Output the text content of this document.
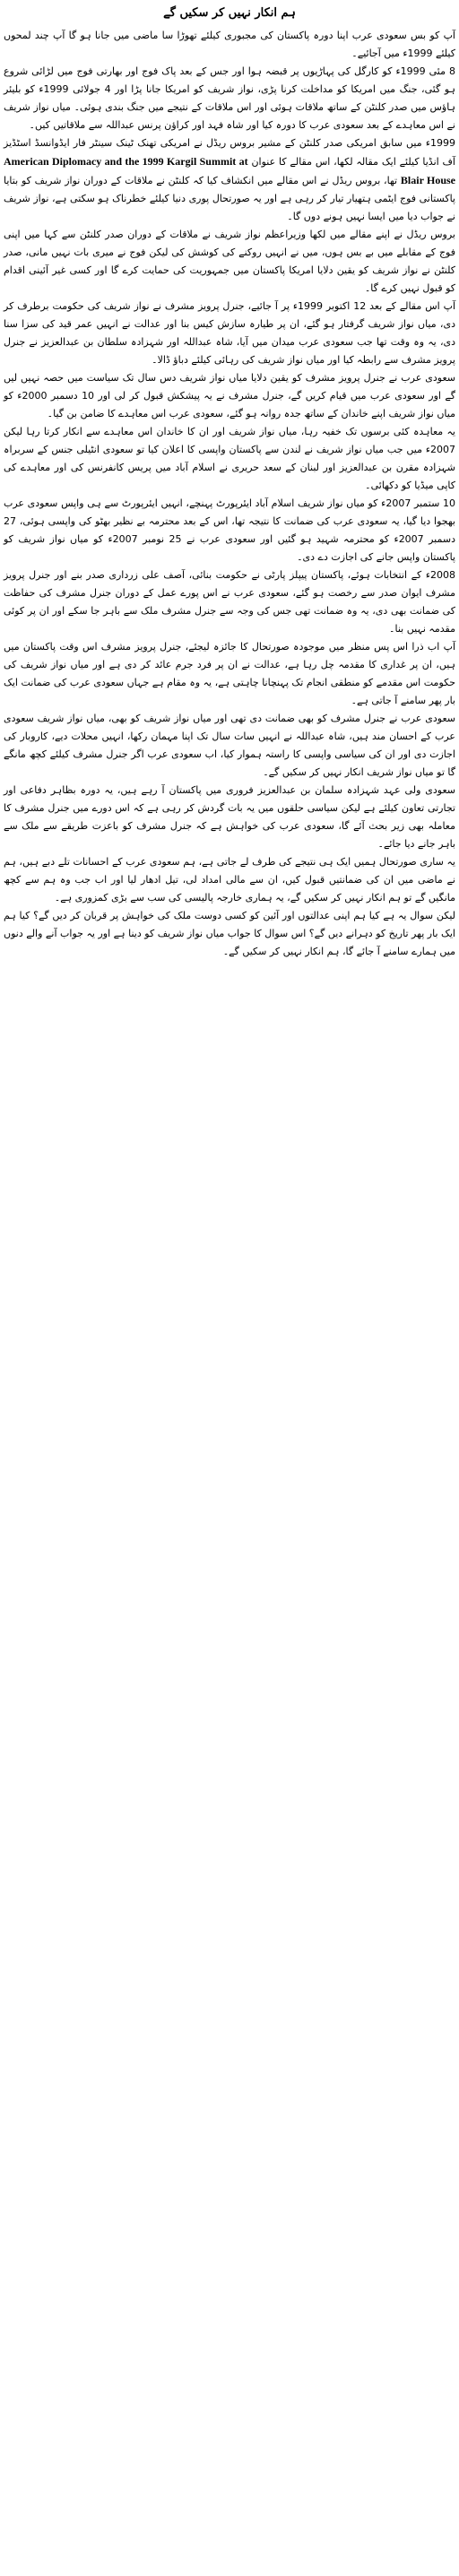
ہم انکار نہیں کر سکیں گے

آپ کو بس سعودی عرب اپنا دورہ پاکستان کی مجبوری کیلئے تھوڑا سا ماضی میں جانا ہو گا آپ چند لمحوں کیلئے 1999ء میں آجائیے۔

8 مئی 1999ء کو کارگل کی پہاڑیوں پر قبضہ ہوا اور جس کے بعد پاک فوج اور بھارتی فوج میں لڑائی شروع ہو گئی، جنگ میں امریکا کو مداخلت کرنا پڑی، نواز شریف کو امریکا جانا پڑا اور 4 جولائی 1999ء کو بلیئر ہاؤس میں صدر کلنٹن کے ساتھ ملاقات ہوئی اور اس ملاقات کے نتیجے میں جنگ بندی ہوئی۔ میاں نواز شریف نے اس معاہدے کے بعد سعودی عرب کا دورہ کیا اور شاہ فہد اور کراؤن پرنس عبداللہ سے ملاقاتیں کیں۔

1999ء میں سابق امریکی صدر کلنٹن کے مشیر بروس ریڈل نے امریکی تھنک ٹینک سینٹر فار ایڈوانسڈ اسٹڈیز آف انڈیا کیلئے ایک مقالہ لکھا، اس مقالے کا عنوان American Diplomacy and the 1999 Kargil Summit at Blair House تھا، بروس ریڈل نے اس مقالے میں انکشاف کیا کہ کلنٹن نے ملاقات کے دوران نواز شریف کو بتایا پاکستانی فوج ایٹمی ہتھیار تیار کر رہی ہے اور یہ صورتحال پوری دنیا کیلئے خطرناک ہو سکتی ہے، نواز شریف نے جواب دیا میں ایسا نہیں ہونے دوں گا۔

بروس ریڈل نے اپنے مقالے میں لکھا وزیراعظم نواز شریف نے ملاقات کے دوران صدر کلنٹن سے کہا میں اپنی فوج کے مقابلے میں بے بس ہوں، میں نے انہیں روکنے کی کوشش کی لیکن فوج نے میری بات نہیں مانی، صدر کلنٹن نے نواز شریف کو یقین دلایا امریکا پاکستان میں جمہوریت کی حمایت کرے گا اور کسی غیر آئینی اقدام کو قبول نہیں کرے گا۔

آپ اس مقالے کے بعد 12 اکتوبر 1999ء پر آ جائیے، جنرل پرویز مشرف نے نواز شریف کی حکومت برطرف کر دی، میاں نواز شریف گرفتار ہو گئے، ان پر طیارہ سازش کیس بنا اور عدالت نے انہیں عمر قید کی سزا سنا دی، یہ وہ وقت تھا جب سعودی عرب میدان میں آیا، شاہ عبداللہ اور شہزادہ سلطان بن عبدالعزیز نے جنرل پرویز مشرف سے رابطہ کیا اور میاں نواز شریف کی رہائی کیلئے دباؤ ڈالا۔

سعودی عرب نے جنرل پرویز مشرف کو یقین دلایا میاں نواز شریف دس سال تک سیاست میں حصہ نہیں لیں گے اور سعودی عرب میں قیام کریں گے، جنرل مشرف نے یہ پیشکش قبول کر لی اور 10 دسمبر 2000ء کو میاں نواز شریف اپنے خاندان کے ساتھ جدہ روانہ ہو گئے، سعودی عرب اس معاہدے کا ضامن بن گیا۔

یہ معاہدہ کئی برسوں تک خفیہ رہا، میاں نواز شریف اور ان کا خاندان اس معاہدے سے انکار کرتا رہا لیکن 2007ء میں جب میاں نواز شریف نے لندن سے پاکستان واپسی کا اعلان کیا تو سعودی انٹیلی جنس کے سربراہ شہزادہ مقرن بن عبدالعزیز اور لبنان کے سعد حریری نے اسلام آباد میں پریس کانفرنس کی اور معاہدے کی کاپی میڈیا کو دکھائی۔

10 ستمبر 2007ء کو میاں نواز شریف اسلام آباد ایئرپورٹ پہنچے، انہیں ایئرپورٹ سے ہی واپس سعودی عرب بھجوا دیا گیا، یہ سعودی عرب کی ضمانت کا نتیجہ تھا، اس کے بعد محترمہ بے نظیر بھٹو کی واپسی ہوئی، 27 دسمبر 2007ء کو محترمہ شہید ہو گئیں اور سعودی عرب نے 25 نومبر 2007ء کو میاں نواز شریف کو پاکستان واپس جانے کی اجازت دے دی۔

2008ء کے انتخابات ہوئے، پاکستان پیپلز پارٹی نے حکومت بنائی، آصف علی زرداری صدر بنے اور جنرل پرویز مشرف ایوان صدر سے رخصت ہو گئے، سعودی عرب نے اس پورے عمل کے دوران جنرل مشرف کی حفاظت کی ضمانت بھی دی، یہ وہ ضمانت تھی جس کی وجہ سے جنرل مشرف ملک سے باہر جا سکے اور ان پر کوئی مقدمہ نہیں بنا۔

آپ اب ذرا اس پس منظر میں موجودہ صورتحال کا جائزہ لیجئے، جنرل پرویز مشرف اس وقت پاکستان میں ہیں، ان پر غداری کا مقدمہ چل رہا ہے، عدالت نے ان پر فرد جرم عائد کر دی ہے اور میاں نواز شریف کی حکومت اس مقدمے کو منطقی انجام تک پہنچانا چاہتی ہے، یہ وہ مقام ہے جہاں سعودی عرب کی ضمانت ایک بار پھر سامنے آ جاتی ہے۔

سعودی عرب نے جنرل مشرف کو بھی ضمانت دی تھی اور میاں نواز شریف کو بھی، میاں نواز شریف سعودی عرب کے احسان مند ہیں، شاہ عبداللہ نے انہیں سات سال تک اپنا مہمان رکھا، انہیں محلات دیے، کاروبار کی اجازت دی اور ان کی سیاسی واپسی کا راستہ ہموار کیا، اب سعودی عرب اگر جنرل مشرف کیلئے کچھ مانگے گا تو میاں نواز شریف انکار نہیں کر سکیں گے۔

سعودی ولی عہد شہزادہ سلمان بن عبدالعزیز فروری میں پاکستان آ رہے ہیں، یہ دورہ بظاہر دفاعی اور تجارتی تعاون کیلئے ہے لیکن سیاسی حلقوں میں یہ بات گردش کر رہی ہے کہ اس دورے میں جنرل مشرف کا معاملہ بھی زیر بحث آئے گا، سعودی عرب کی خواہش ہے کہ جنرل مشرف کو باعزت طریقے سے ملک سے باہر جانے دیا جائے۔

یہ ساری صورتحال ہمیں ایک ہی نتیجے کی طرف لے جاتی ہے، ہم سعودی عرب کے احسانات تلے دبے ہیں، ہم نے ماضی میں ان کی ضمانتیں قبول کیں، ان سے مالی امداد لی، تیل ادھار لیا اور اب جب وہ ہم سے کچھ مانگیں گے تو ہم انکار نہیں کر سکیں گے، یہ ہماری خارجہ پالیسی کی سب سے بڑی کمزوری ہے۔

لیکن سوال یہ ہے کیا ہم اپنی عدالتوں اور آئین کو کسی دوست ملک کی خواہش پر قربان کر دیں گے؟ کیا ہم ایک بار پھر تاریخ کو دہرانے دیں گے؟ اس سوال کا جواب میاں نواز شریف کو دینا ہے اور یہ جواب آنے والے دنوں میں ہمارے سامنے آ جائے گا، ہم انکار نہیں کر سکیں گے۔
